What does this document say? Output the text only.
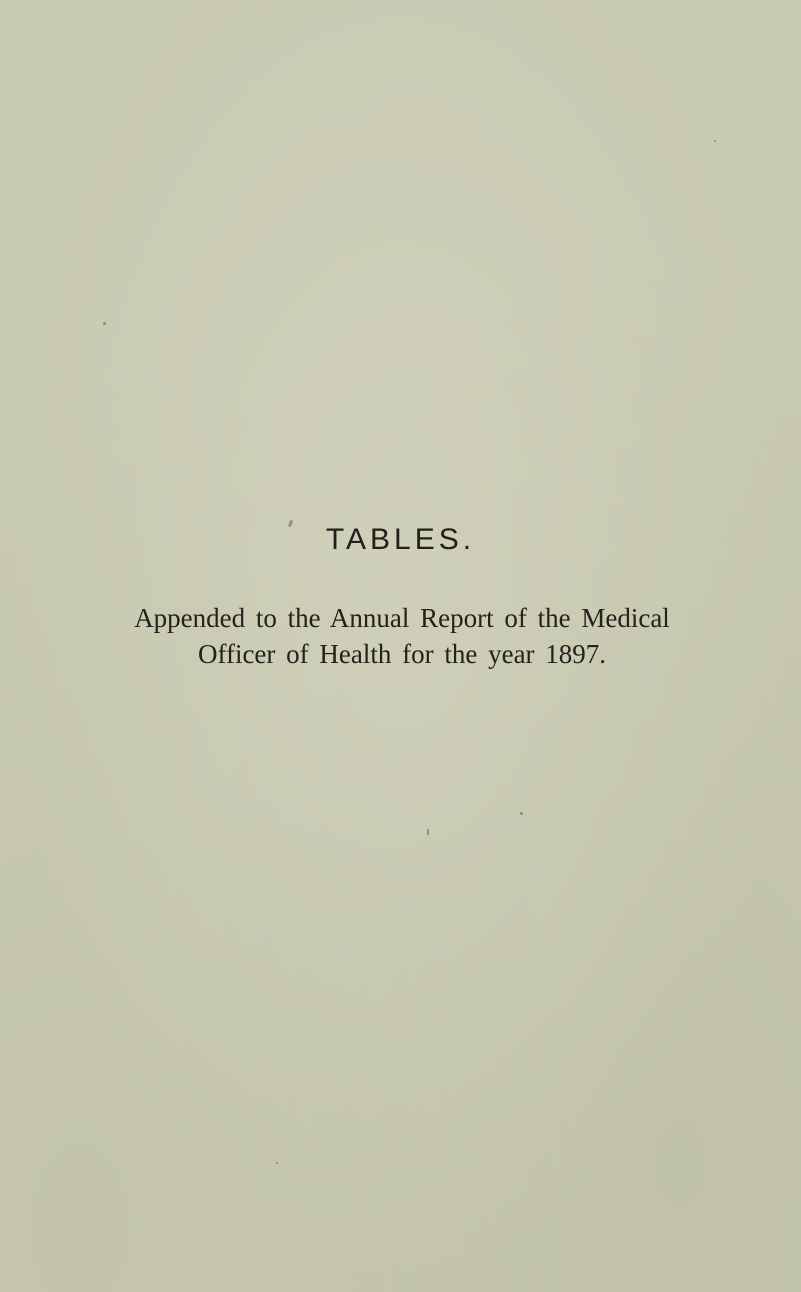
TABLES.

Appended to the Annual Report of the Medical
Officer of Health for the year 1897.
